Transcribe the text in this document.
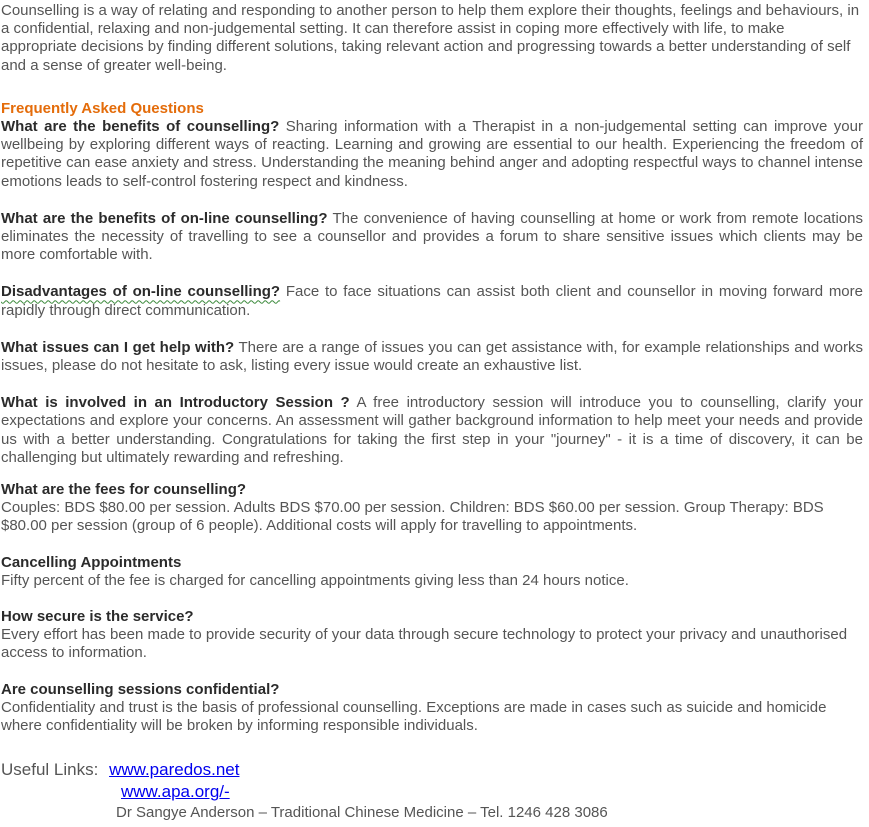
Counselling is a way of relating and responding to another person to help them explore their thoughts, feelings and behaviours, in a confidential, relaxing and non-judgemental setting. It can therefore assist in coping more effectively with life, to make appropriate decisions by finding different solutions, taking relevant action and progressing towards a better understanding of self and a sense of greater well-being.

Frequently Asked Questions

What are the benefits of counselling? Sharing information with a Therapist in a non-judgemental setting can improve your wellbeing by exploring different ways of reacting. Learning and growing are essential to our health. Experiencing the freedom of repetitive can ease anxiety and stress. Understanding the meaning behind anger and adopting respectful ways to channel intense emotions leads to self-control fostering respect and kindness.

What are the benefits of on-line counselling? The convenience of having counselling at home or work from remote locations eliminates the necessity of travelling to see a counsellor and provides a forum to share sensitive issues which clients may be more comfortable with.

Disadvantages of on-line counselling? Face to face situations can assist both client and counsellor in moving forward more rapidly through direct communication.

What issues can I get help with? There are a range of issues you can get assistance with, for example relationships and works issues, please do not hesitate to ask, listing every issue would create an exhaustive list.

What is involved in an Introductory Session ? A free introductory session will introduce you to counselling, clarify your expectations and explore your concerns. An assessment will gather background information to help meet your needs and provide us with a better understanding. Congratulations for taking the first step in your "journey" - it is a time of discovery, it can be challenging but ultimately rewarding and refreshing.

What are the fees for counselling?
Couples: BDS $80.00 per session. Adults BDS $70.00 per session. Children: BDS $60.00 per session. Group Therapy: BDS $80.00 per session (group of 6 people). Additional costs will apply for travelling to appointments.

Cancelling Appointments
Fifty percent of the fee is charged for cancelling appointments giving less than 24 hours notice.

How secure is the service?
Every effort has been made to provide security of your data through secure technology to protect your privacy and unauthorised access to information.

Are counselling sessions confidential?
Confidentiality and trust is the basis of professional counselling. Exceptions are made in cases such as suicide and homicide where confidentiality will be broken by informing responsible individuals.

Useful Links: www.paredos.net
www.apa.org/-

Dr Sangye Anderson – Traditional Chinese Medicine – Tel. 1246 428 3086
